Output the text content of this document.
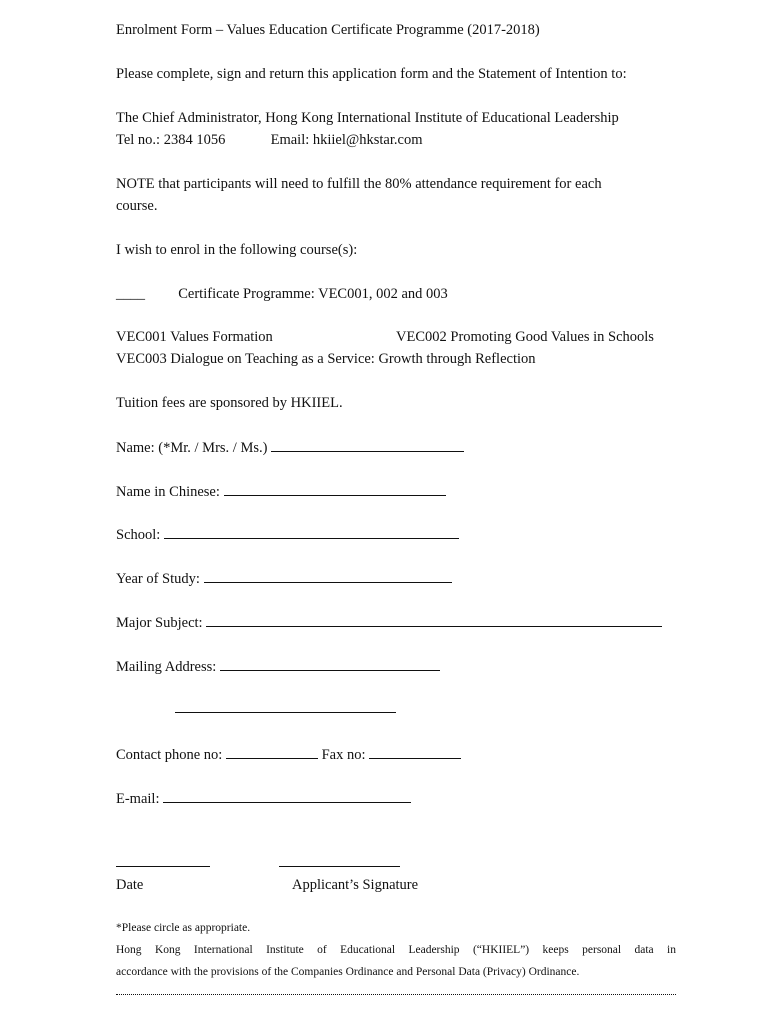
Enrolment Form – Values Education Certificate Programme (2017-2018)
Please complete, sign and return this application form and the Statement of Intention to:
The Chief Administrator, Hong Kong International Institute of Educational Leadership
Tel no.: 2384 1056	Email: hkiiel@hkstar.com
NOTE that participants will need to fulfill the 80% attendance requirement for each
course.
I wish to enrol in the following course(s):
____ Certificate Programme: VEC001, 002 and 003
VEC001 Values Formation	VEC002 Promoting Good Values in Schools
VEC003 Dialogue on Teaching as a Service: Growth through Reflection
Tuition fees are sponsored by HKIIEL.
Name: (*Mr. / Mrs. / Ms.)
Name in Chinese:
School:
Year of Study:
Major Subject:
Mailing Address:
Contact phone no:	Fax no:
E-mail:

Date	Applicant’s Signature
*Please circle as appropriate.
Hong Kong International Institute of Educational Leadership (“HKIIEL”) keeps personal data in
accordance with the provisions of the Companies Ordinance and Personal Data (Privacy) Ordinance.
